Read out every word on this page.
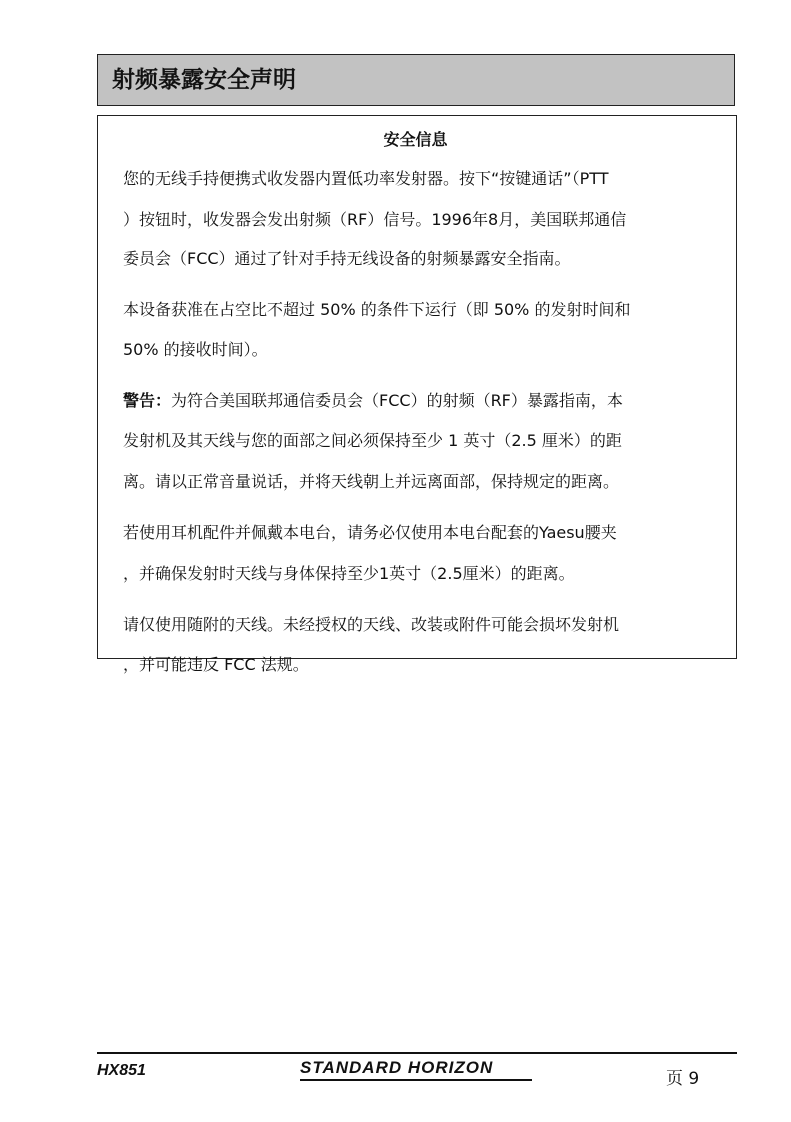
射频暴露安全声明
安全信息
您的无线手持便携式收发器内置低功率发射器。按下“按键通话”（PTT
）按钮时，收发器会发出射频（RF）信号。1996年8月，美国联邦通信
委员会（FCC）通过了针对手持无线设备的射频暴露安全指南。
本设备获准在占空比不超过 50% 的条件下运行（即 50% 的发射时间和
50% 的接收时间）。
警告：为符合美国联邦通信委员会（FCC）的射频（RF）暴露指南，本
发射机及其天线与您的面部之间必须保持至少 1 英寸（2.5 厘米）的距
离。请以正常音量说话，并将天线朝上并远离面部，保持规定的距离。
若使用耳机配件并佩戴本电台，请务必仅使用本电台配套的Yaesu腰夹
，并确保发射时天线与身体保持至少1英寸（2.5厘米）的距离。
请仅使用随附的天线。未经授权的天线、改装或附件可能会损坏发射机
，并可能违反 FCC 法规。
HX851	STANDARD HORIZON
页 9
